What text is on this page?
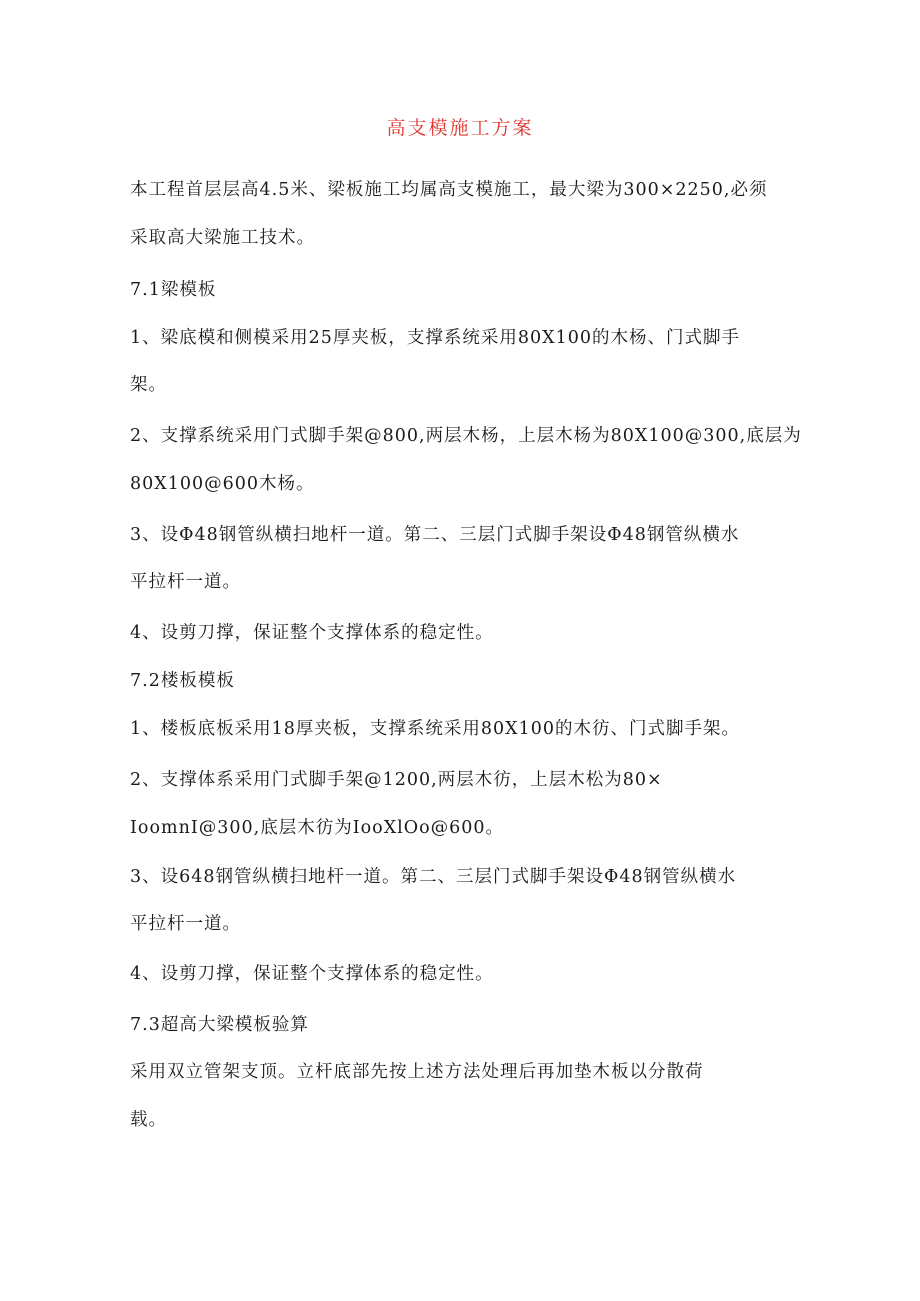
高支模施工方案

本工程首层层高4.5米、梁板施工均属高支模施工，最大梁为300×2250,必须

采取高大梁施工技术。

7.1梁模板

1、梁底模和侧模采用25厚夹板，支撑系统采用80X100的木杨、门式脚手

架。

2、支撑系统采用门式脚手架@800,两层木杨，上层木杨为80X100@300,底层为

80X100@600木杨。

3、设Φ48钢管纵横扫地杆一道。第二、三层门式脚手架设Φ48钢管纵横水

平拉杆一道。

4、设剪刀撑，保证整个支撑体系的稳定性。

7.2楼板模板

1、楼板底板采用18厚夹板，支撑系统采用80X100的木彷、门式脚手架。

2、支撑体系采用门式脚手架@1200,两层木彷，上层木松为80×

IoomnI@300,底层木彷为IooXlOo@600。

3、设648钢管纵横扫地杆一道。第二、三层门式脚手架设Φ48钢管纵横水

平拉杆一道。

4、设剪刀撑，保证整个支撑体系的稳定性。

7.3超高大梁模板验算

采用双立管架支顶。立杆底部先按上述方法处理后再加垫木板以分散荷

载。
